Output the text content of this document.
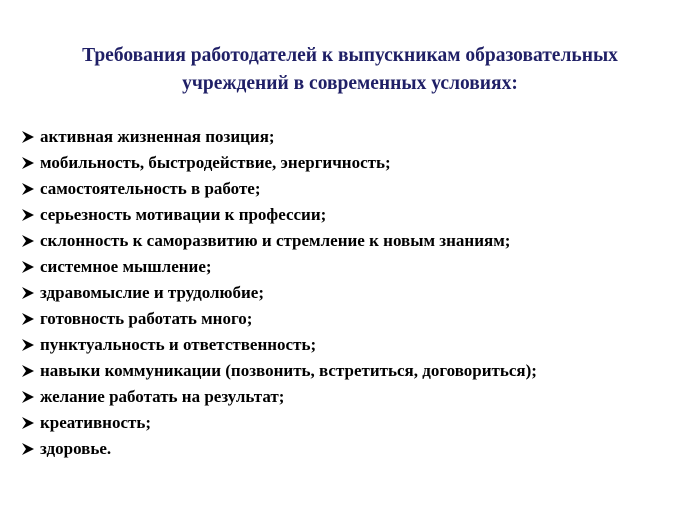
Требования работодателей к выпускникам образовательных
учреждений в современных условиях:
активная жизненная позиция;
мобильность, быстродействие, энергичность;
самостоятельность в работе;
серьезность мотивации к профессии;
склонность к саморазвитию и стремление к новым знаниям;
системное мышление;
здравомыслие и трудолюбие;
готовность работать много;
пунктуальность и ответственность;
навыки коммуникации (позвонить, встретиться, договориться);
желание работать на результат;
креативность;
здоровье.
